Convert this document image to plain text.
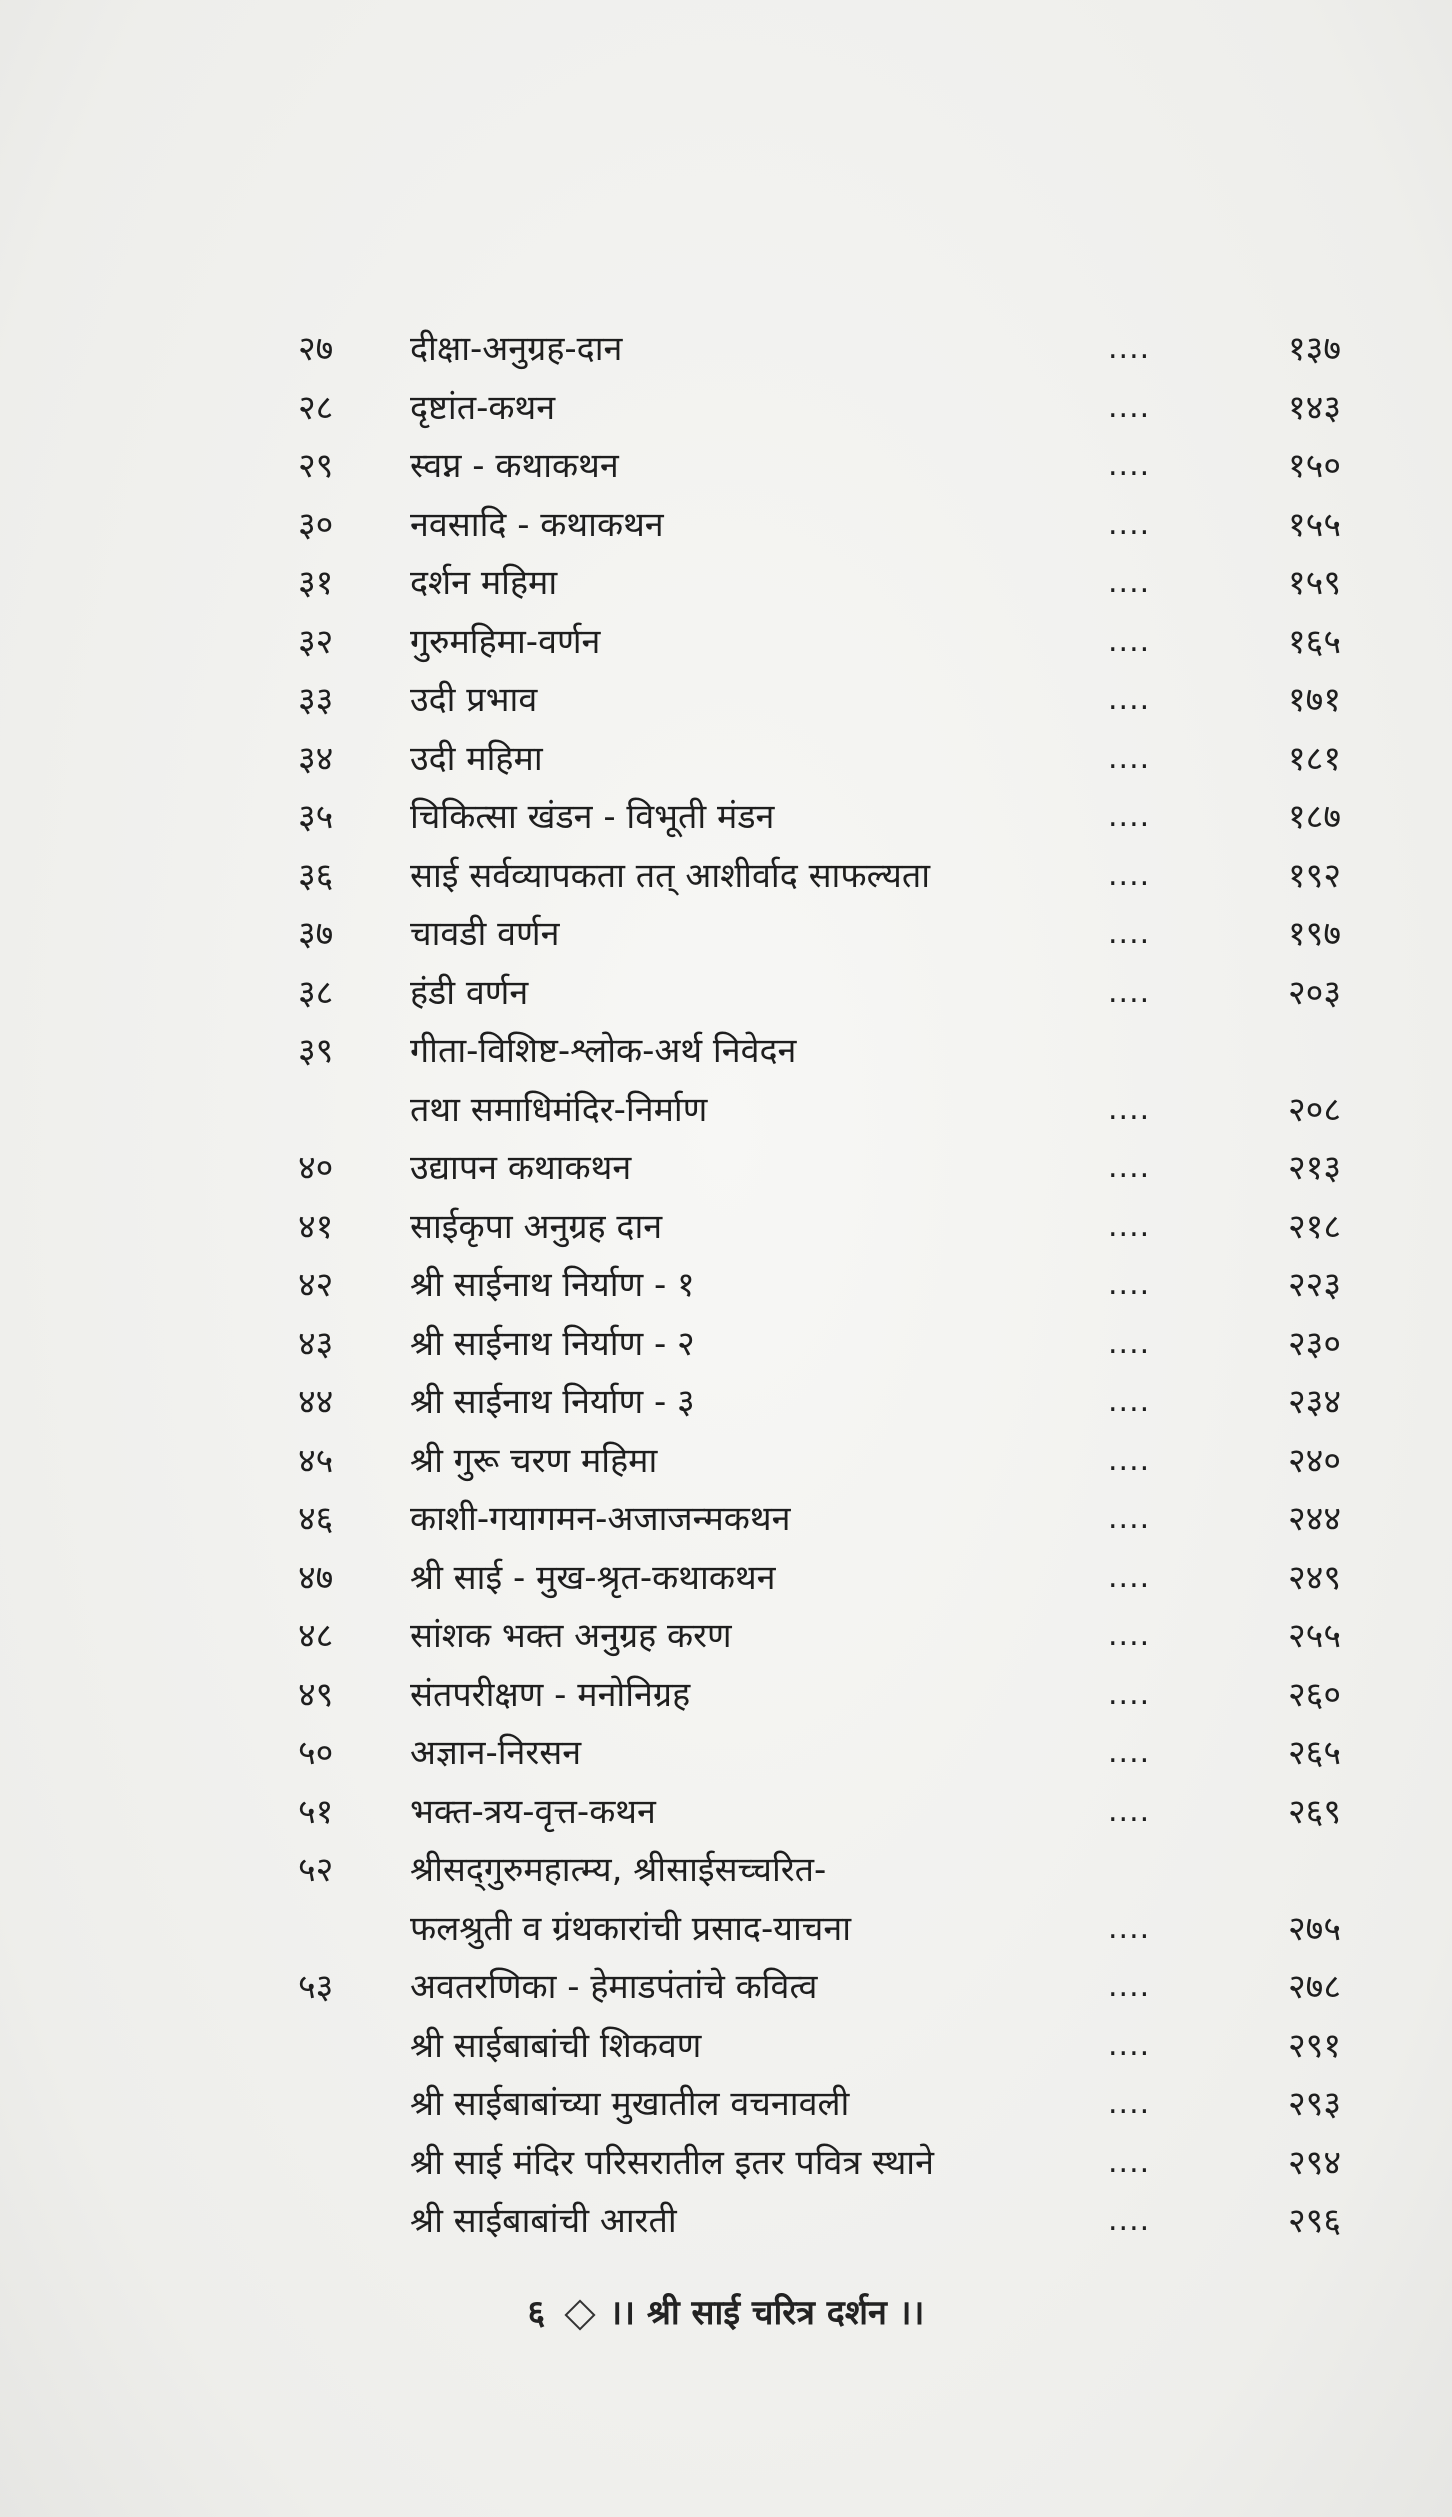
२७	दीक्षा-अनुग्रह-दान	....	१३७
२८	दृष्टांत-कथन	....	१४३
२९	स्वप्न - कथाकथन	....	१५०
३०	नवसादि - कथाकथन	....	१५५
३१	दर्शन महिमा	....	१५९
३२	गुरुमहिमा-वर्णन	....	१६५
३३	उदी प्रभाव	....	१७१
३४	उदी महिमा	....	१८१
३५	चिकित्सा खंडन - विभूती मंडन	....	१८७
३६	साई सर्वव्यापकता तत् आशीर्वाद साफल्यता	....	१९२
३७	चावडी वर्णन	....	१९७
३८	हंडी वर्णन	....	२०३
३९	गीता-विशिष्ट-श्लोक-अर्थ निवेदन
तथा समाधिमंदिर-निर्माण	....	२०८
४०	उद्यापन कथाकथन	....	२१३
४१	साईकृपा अनुग्रह दान	....	२१८
४२	श्री साईनाथ निर्याण - १	....	२२३
४३	श्री साईनाथ निर्याण - २	....	२३०
४४	श्री साईनाथ निर्याण - ३	....	२३४
४५	श्री गुरू चरण महिमा	....	२४०
४६	काशी-गयागमन-अजाजन्मकथन	....	२४४
४७	श्री साई - मुख-श्रृत-कथाकथन	....	२४९
४८	सांशक भक्त अनुग्रह करण	....	२५५
४९	संतपरीक्षण - मनोनिग्रह	....	२६०
५०	अज्ञान-निरसन	....	२६५
५१	भक्त-त्रय-वृत्त-कथन	....	२६९
५२	श्रीसद्‌गुरुमहात्म्य, श्रीसाईसच्चरित-
फलश्रुती व ग्रंथकारांची प्रसाद-याचना	....	२७५
५३	अवतरणिका - हेमाडपंतांचे कवित्व	....	२७८
श्री साईबाबांची शिकवण	....	२९१
श्री साईबाबांच्या मुखातील वचनावली	....	२९३
श्री साई मंदिर परिसरातील इतर पवित्र स्थाने	....	२९४
श्री साईबाबांची आरती	....	२९६
६ ।। श्री साई चरित्र दर्शन ।।
